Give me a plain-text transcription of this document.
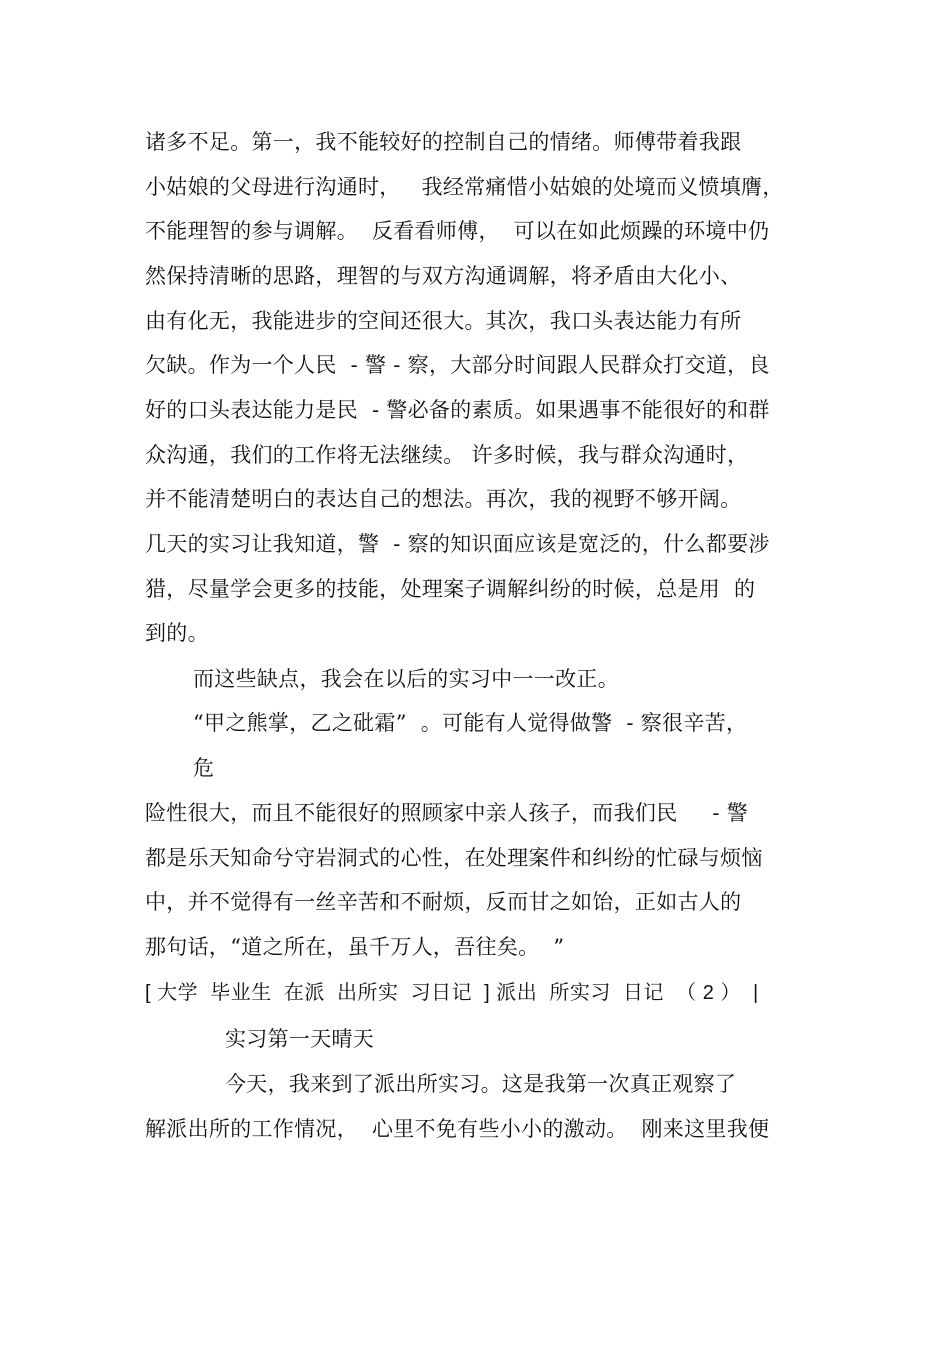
诸多不足。第一，我不能较好的控制自己的情绪。师傅带着我跟
小姑娘的父母进行沟通时，   我经常痛惜小姑娘的处境而义愤填膺，
不能理智的参与调解。  反看看师傅，  可以在如此烦躁的环境中仍
然保持清晰的思路，理智的与双方沟通调解，将矛盾由大化小、
由有化无，我能进步的空间还很大。其次，我口头表达能力有所
欠缺。作为一个人民  - 警 - 察，大部分时间跟人民群众打交道，良
好的口头表达能力是民  - 警必备的素质。如果遇事不能很好的和群
众沟通，我们的工作将无法继续。 许多时候，我与群众沟通时，
并不能清楚明白的表达自己的想法。再次，我的视野不够开阔。
几天的实习让我知道，警  - 察的知识面应该是宽泛的，什么都要涉
猎，尽量学会更多的技能，处理案子调解纠纷的时候，总是用  的
到的。
而这些缺点，我会在以后的实习中一一改正。
“甲之熊掌，乙之砒霜”  。可能有人觉得做警  - 察很辛苦，
危
险性很大，而且不能很好的照顾家中亲人孩子，而我们民     - 警
都是乐天知命兮守岩洞式的心性，在处理案件和纠纷的忙碌与烦恼
中，并不觉得有一丝辛苦和不耐烦，反而甘之如饴，正如古人的
那句话，“道之所在，虽千万人，吾往矣。  ”
[ 大学  毕业生  在派  出所实  习日记  ] 派出  所实习  日记  （ 2 ）  |
实习第一天晴天
今天，我来到了派出所实习。这是我第一次真正观察了
解派出所的工作情况，  心里不免有些小小的激动。  刚来这里我便
